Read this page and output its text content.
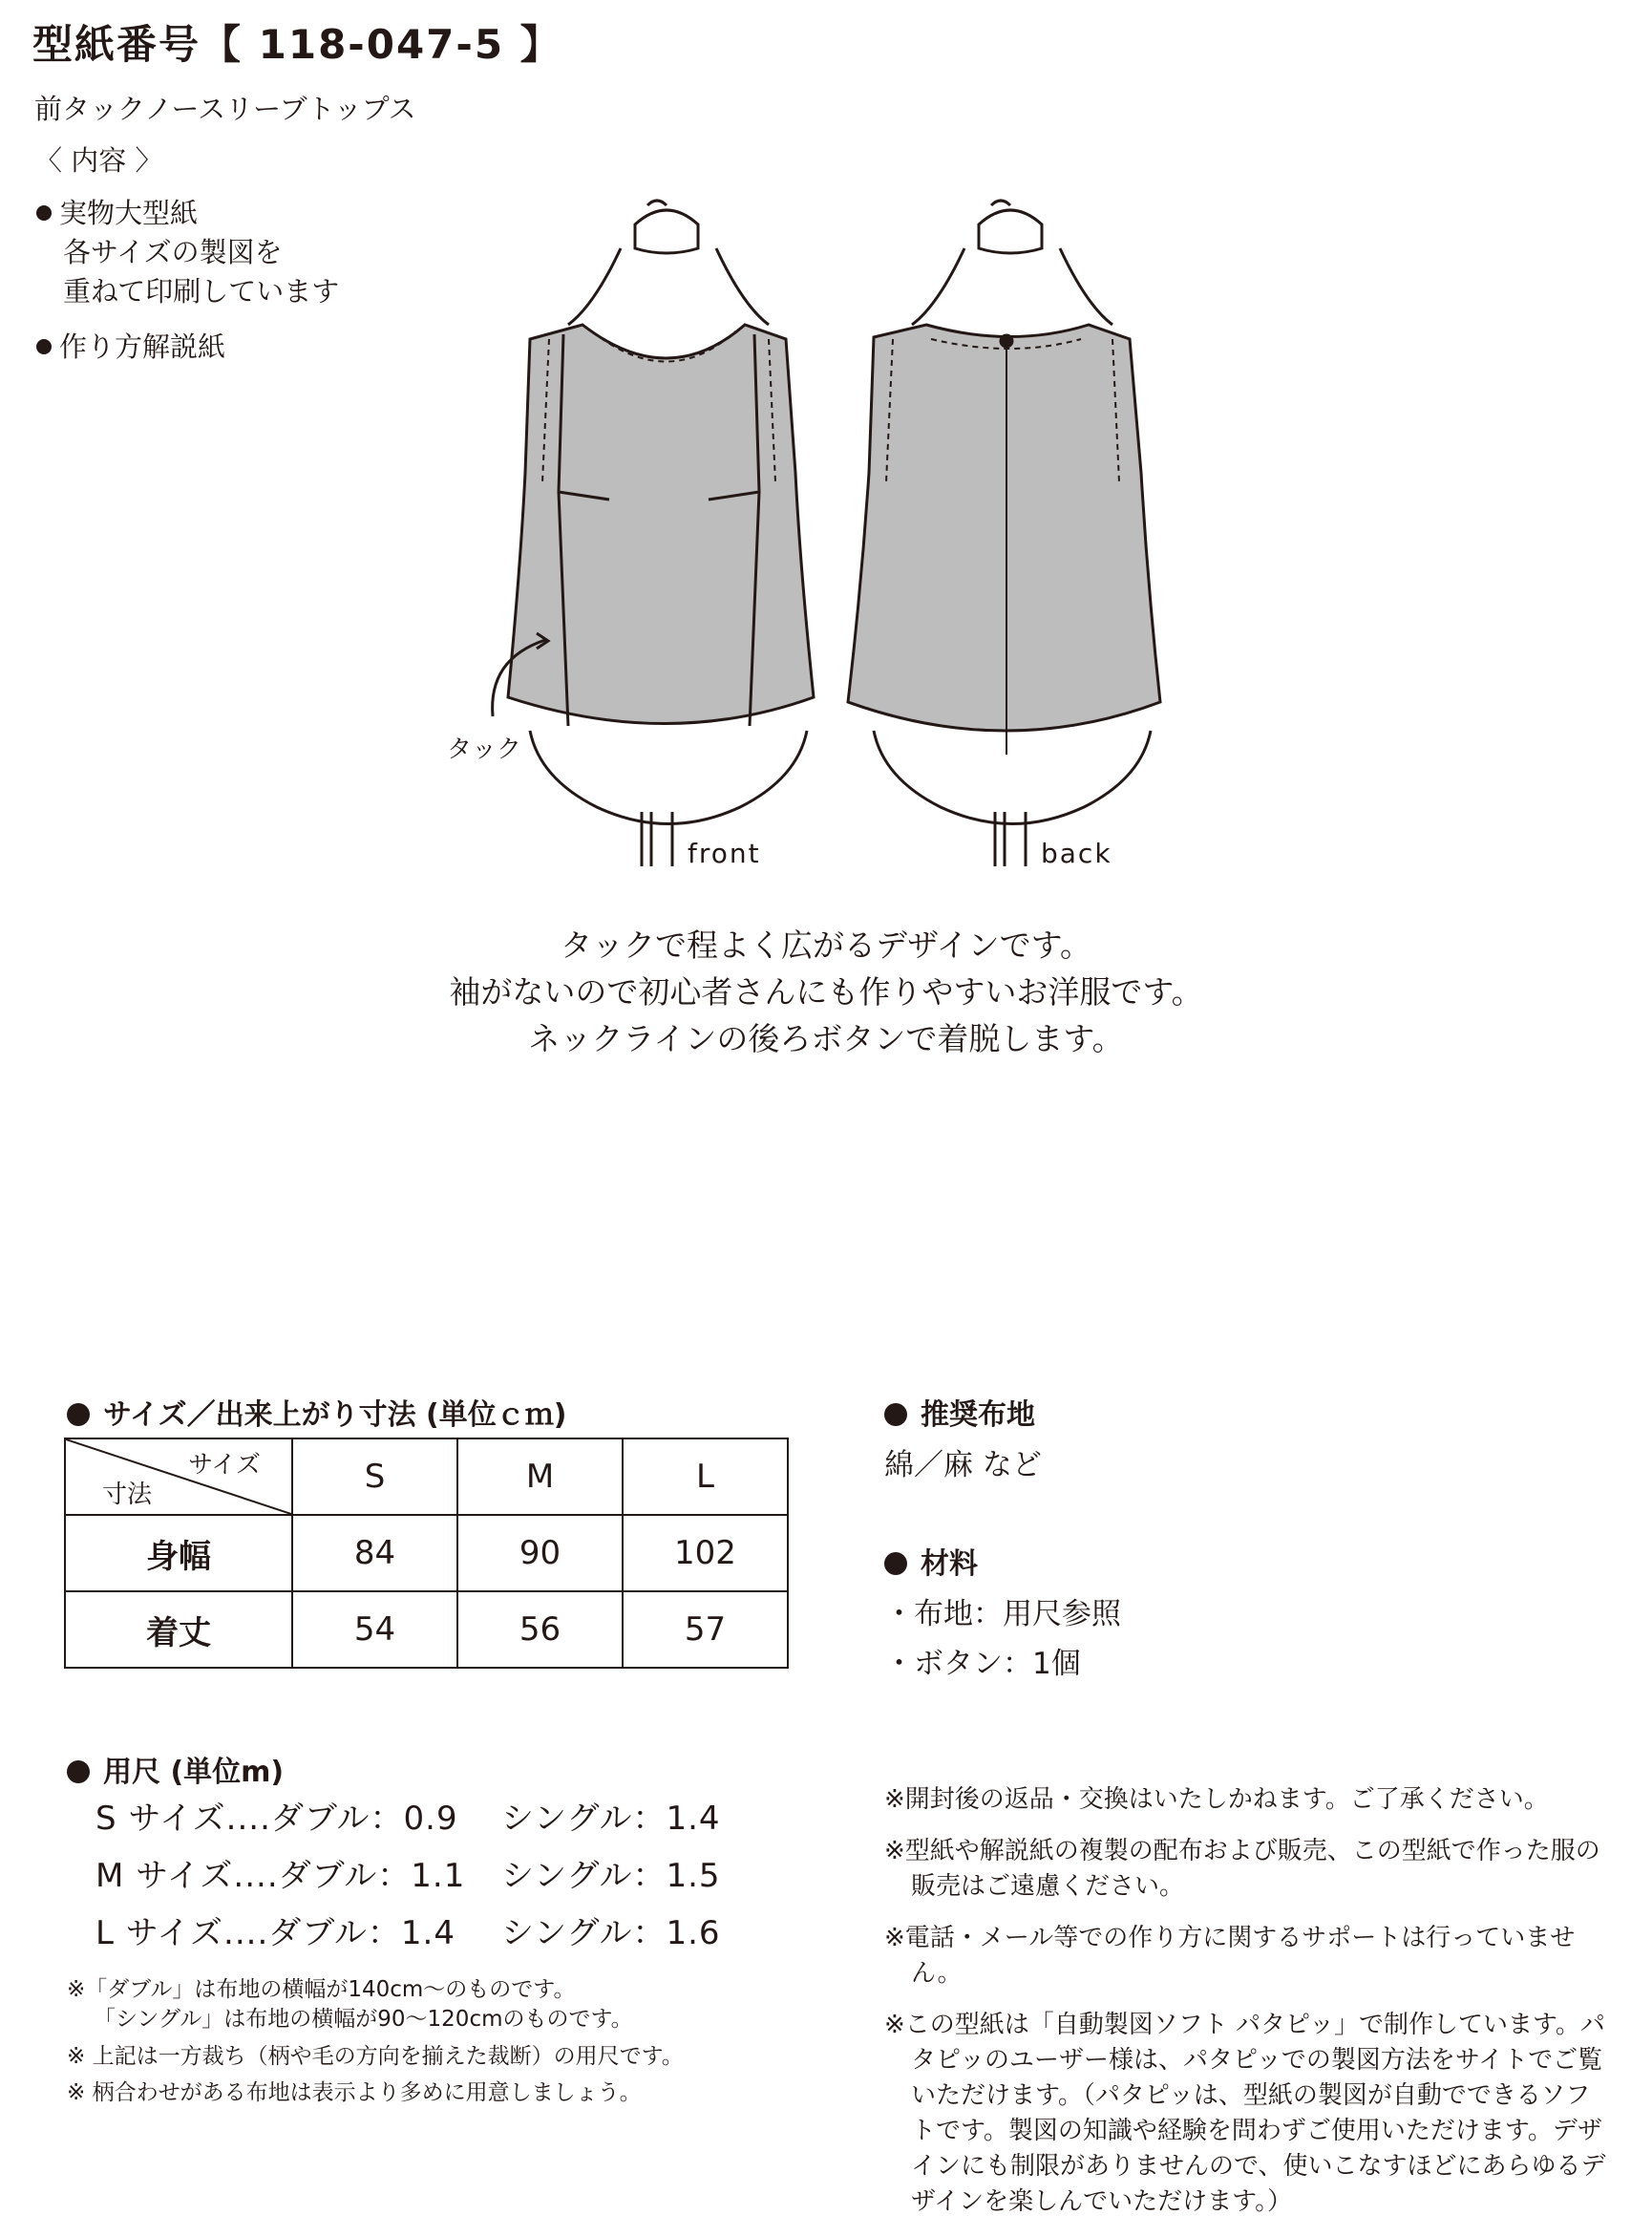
型紙番号【 118-047-5 】
前タックノースリーブトップス
〈 内容 〉
実物大型紙
各サイズの製図を
重ねて印刷しています
作り方解説紙
タック
front	back
タックで程よく広がるデザインです。
袖がないので初心者さんにも作りやすいお洋服です。
ネックラインの後ろボタンで着脱します。
サイズ／出来上がり寸法 (単位ｃｍ)
サイズ
寸法	S	M	L
身幅	84	90	102
着丈	54	56	57
用尺 (単位m)
S サイズ....ダブル：0.9 シングル：1.4
M サイズ....ダブル：1.1 シングル：1.5
L サイズ....ダブル：1.4 シングル：1.6
※「ダブル」は布地の横幅が140cm〜のものです。
「シングル」は布地の横幅が90〜120cmのものです。
※ 上記は一方裁ち（柄や毛の方向を揃えた裁断）の用尺です。
※ 柄合わせがある布地は表示より多めに用意しましょう。
推奨布地
綿／麻 など
材料
・布地：用尺参照
・ボタン：1個
※開封後の返品・交換はいたしかねます。ご了承ください。
※型紙や解説紙の複製の配布および販売、この型紙で作った服の販売はご遠慮ください。
※電話・メール等での作り方に関するサポートは行っていません。
※この型紙は「自動製図ソフト パタピッ」で制作しています。パタピッのユーザー様は、パタピッでの製図方法をサイトでご覧いただけます。（パタピッは、型紙の製図が自動でできるソフトです。製図の知識や経験を問わずご使用いただけます。デザインにも制限がありませんので、使いこなすほどにあらゆるデザインを楽しんでいただけます。）
